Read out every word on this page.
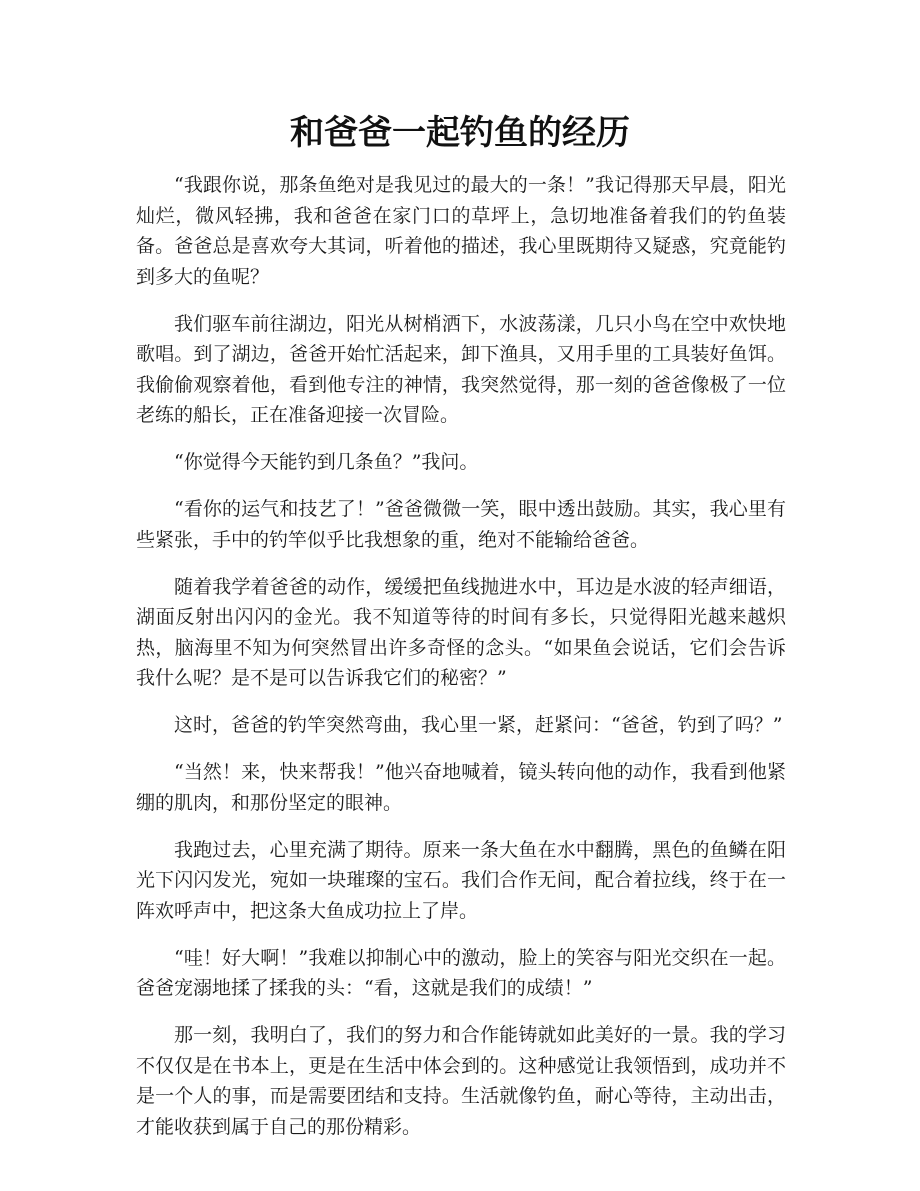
和爸爸一起钓鱼的经历

“我跟你说，那条鱼绝对是我见过的最大的一条！”我记得那天早晨，阳光灿烂，微风轻拂，我和爸爸在家门口的草坪上，急切地准备着我们的钓鱼装备。爸爸总是喜欢夸大其词，听着他的描述，我心里既期待又疑惑，究竟能钓到多大的鱼呢？

我们驱车前往湖边，阳光从树梢洒下，水波荡漾，几只小鸟在空中欢快地歌唱。到了湖边，爸爸开始忙活起来，卸下渔具，又用手里的工具装好鱼饵。我偷偷观察着他，看到他专注的神情，我突然觉得，那一刻的爸爸像极了一位老练的船长，正在准备迎接一次冒险。

“你觉得今天能钓到几条鱼？”我问。

“看你的运气和技艺了！”爸爸微微一笑，眼中透出鼓励。其实，我心里有些紧张，手中的钓竿似乎比我想象的重，绝对不能输给爸爸。

随着我学着爸爸的动作，缓缓把鱼线抛进水中，耳边是水波的轻声细语，湖面反射出闪闪的金光。我不知道等待的时间有多长，只觉得阳光越来越炽热，脑海里不知为何突然冒出许多奇怪的念头。“如果鱼会说话，它们会告诉我什么呢？是不是可以告诉我它们的秘密？”

这时，爸爸的钓竿突然弯曲，我心里一紧，赶紧问：“爸爸，钓到了吗？”

“当然！来，快来帮我！”他兴奋地喊着，镜头转向他的动作，我看到他紧绷的肌肉，和那份坚定的眼神。

我跑过去，心里充满了期待。原来一条大鱼在水中翻腾，黑色的鱼鳞在阳光下闪闪发光，宛如一块璀璨的宝石。我们合作无间，配合着拉线，终于在一阵欢呼声中，把这条大鱼成功拉上了岸。

“哇！好大啊！”我难以抑制心中的激动，脸上的笑容与阳光交织在一起。爸爸宠溺地揉了揉我的头：“看，这就是我们的成绩！”

那一刻，我明白了，我们的努力和合作能铸就如此美好的一景。我的学习不仅仅是在书本上，更是在生活中体会到的。这种感觉让我领悟到，成功并不是一个人的事，而是需要团结和支持。生活就像钓鱼，耐心等待，主动出击，才能收获到属于自己的那份精彩。
